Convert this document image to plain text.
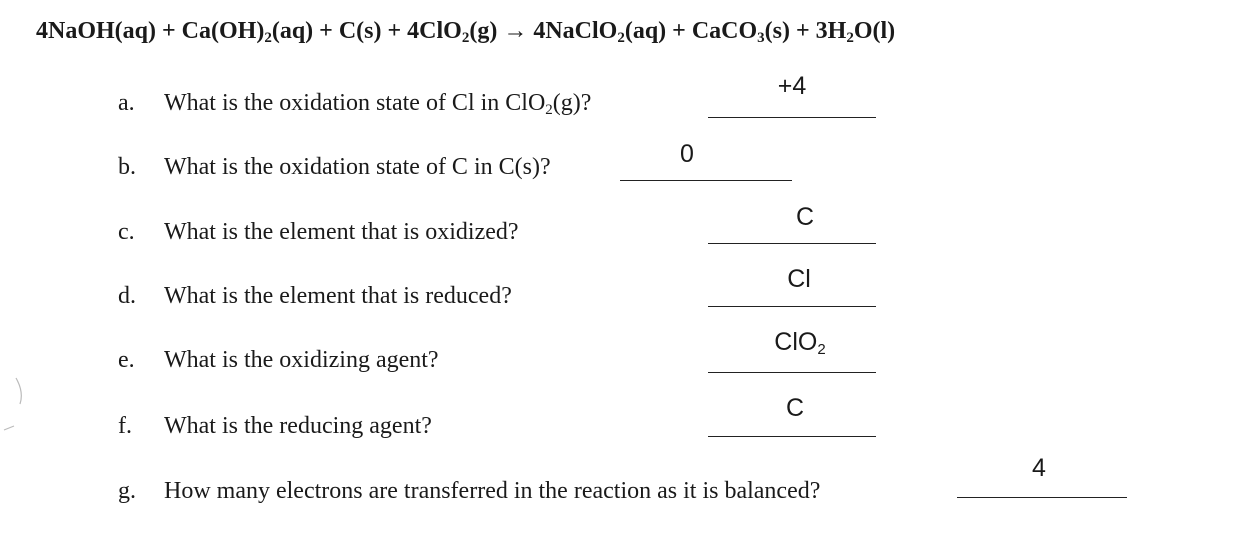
4NaOH(aq) + $Ca(OH)_2(aq) + C(s) + 4ClO_2(g)$ → 4NaClO$_2$(aq) + CaCO$_3$(s) + $3H_2O(l)$
a. What is the oxidation state of Cl in ClO$_2$(g)?
+4
b. What is the oxidation state of C in C(s)?	0
c. What is the element that is oxidized?
C
d. What is the element that is reduced?
Cl
e. What is the oxidizing agent?
ClO$_2$
f. What is the reducing agent?
C
g. How many electrons are transferred in the reaction as it is balanced?
4
